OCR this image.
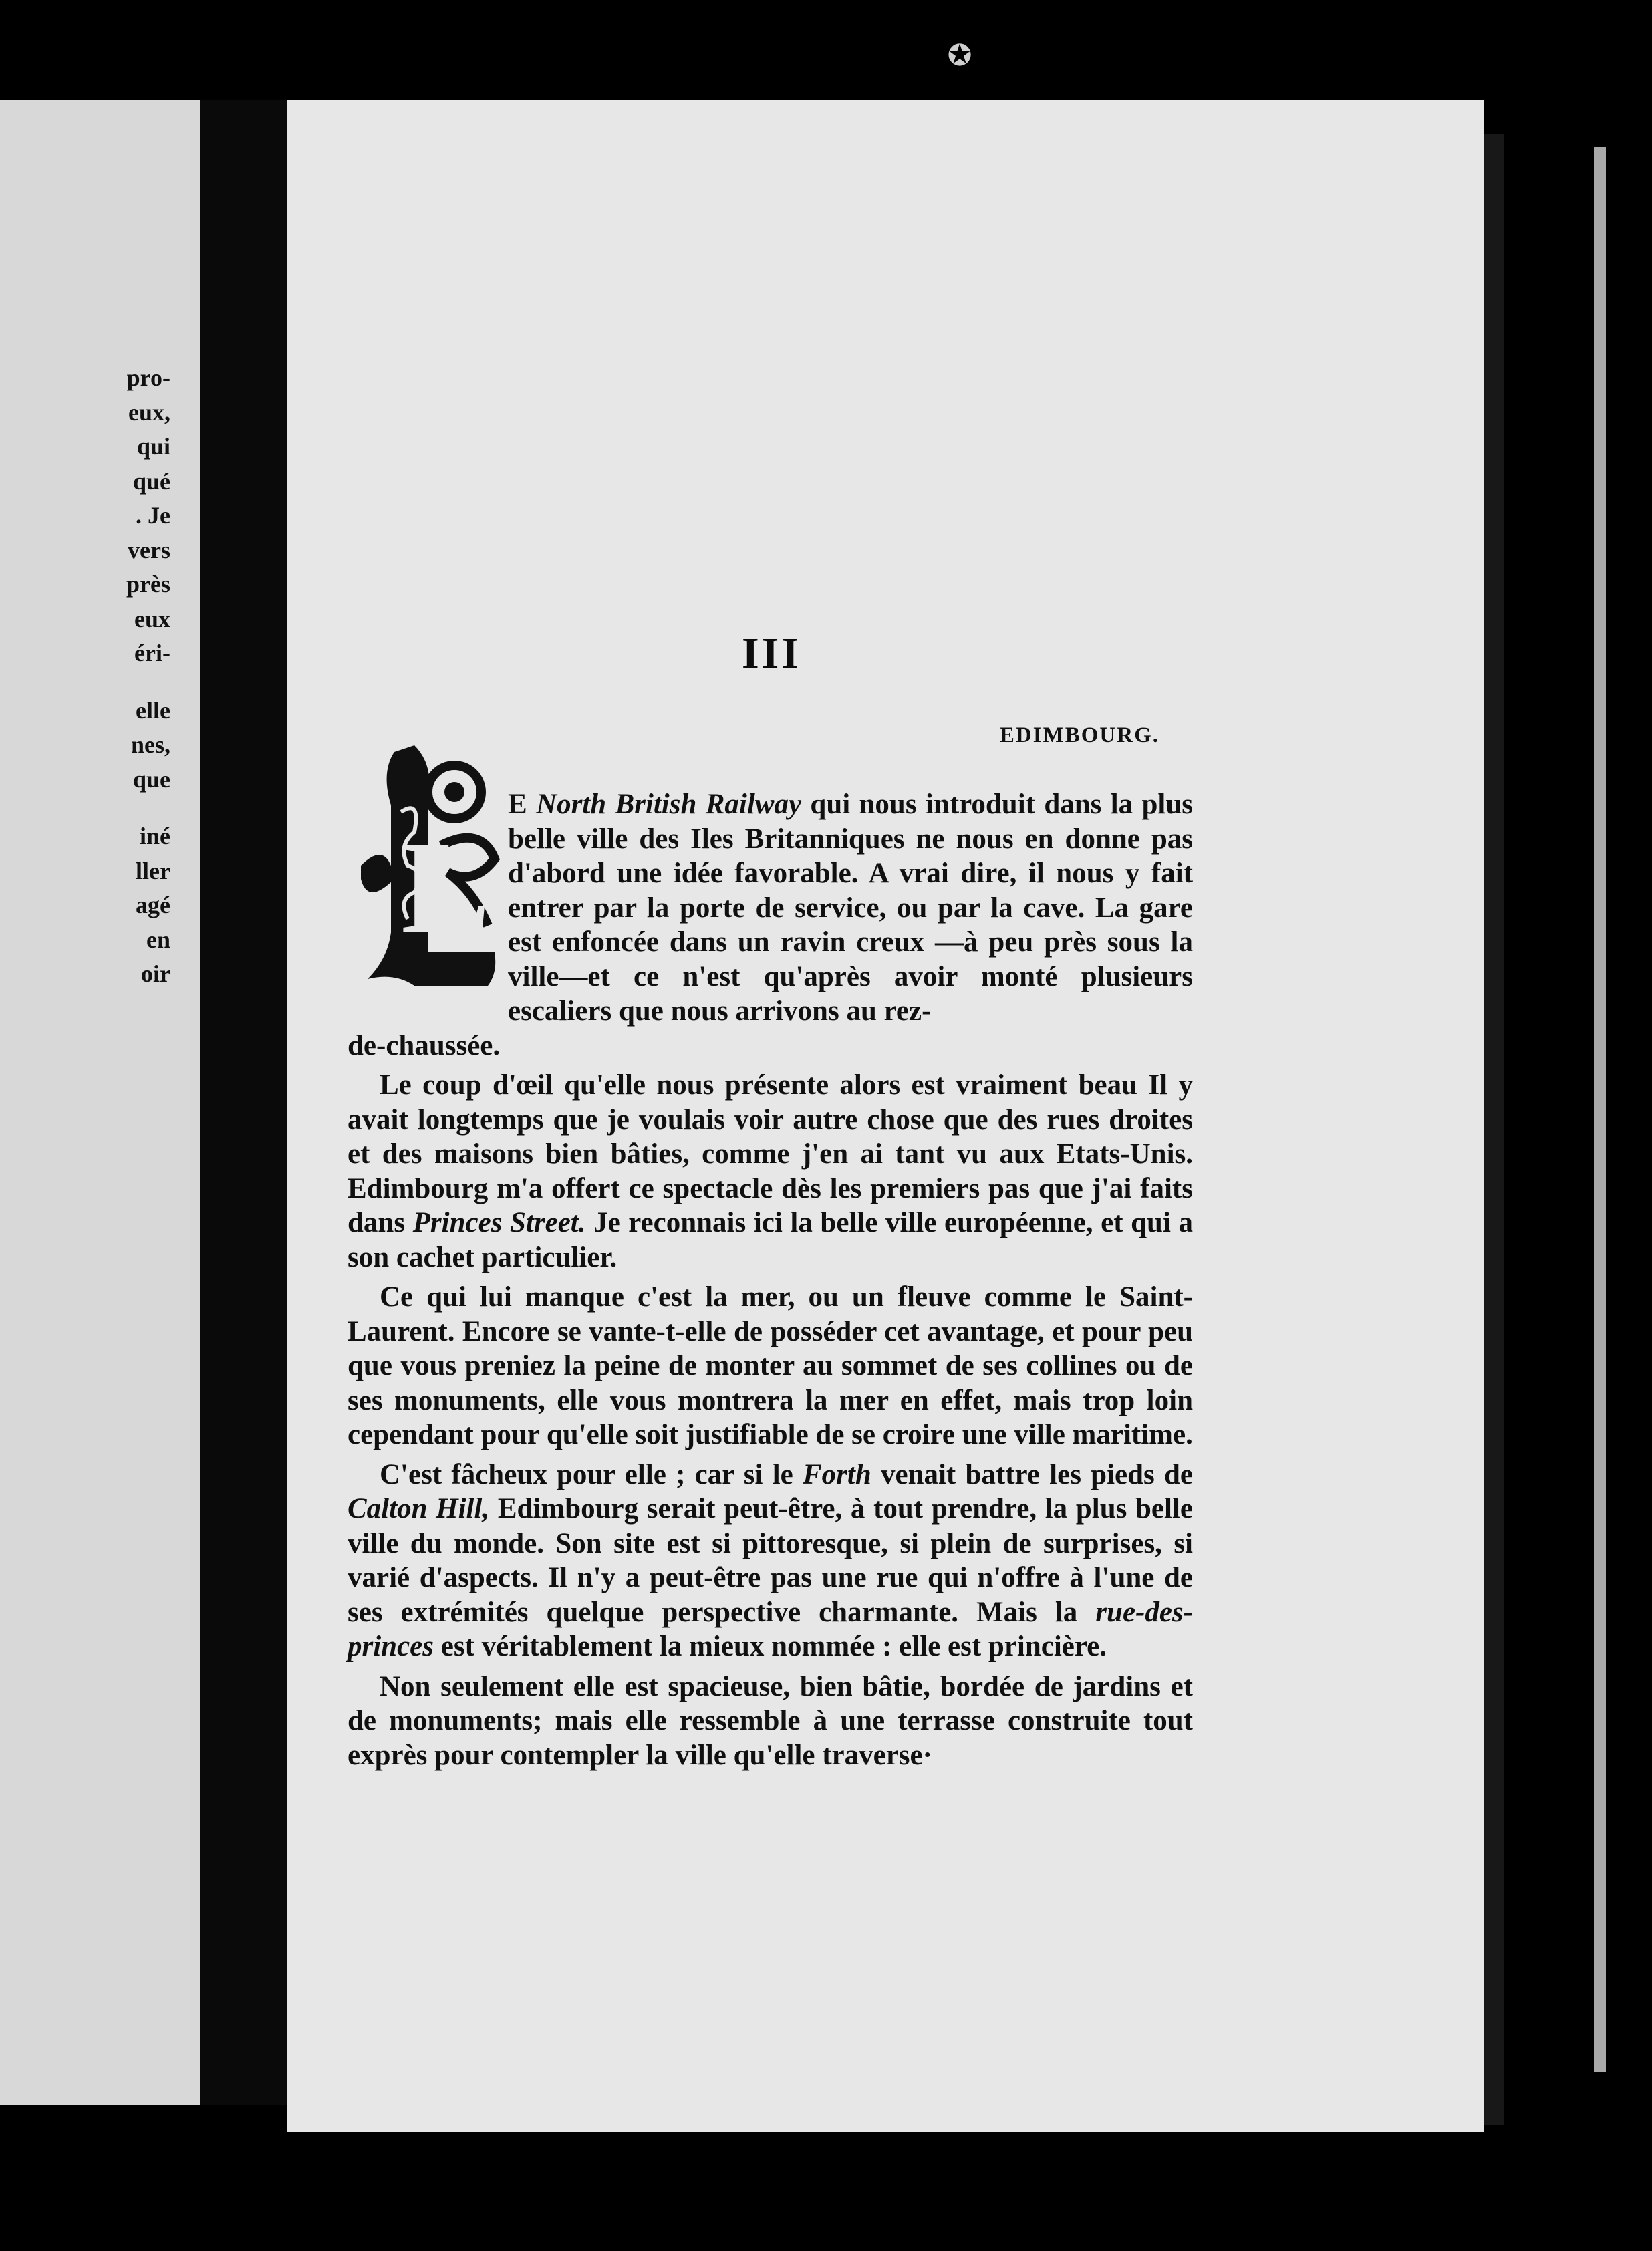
pro-
eux,
qui
qué
. Je
vers
près
eux
éri-
elle
nes,
que
iné
ller
agé
en
oir
✪
III
EDIMBOURG.
L

E North British Railway qui nous introduit dans la plus belle ville des Iles Britanniques ne nous en donne pas d'abord une idée favorable. A vrai dire, il nous y fait entrer par la porte de service, ou par la cave. La gare est enfoncée dans un ravin creux —à peu près sous la ville—et ce n'est qu'après avoir monté plusieurs escaliers que nous arrivons au rez-
de-chaussée.

Le coup d'œil qu'elle nous présente alors est vraiment beau Il y avait longtemps que je voulais voir autre chose que des rues droites et des maisons bien bâties, comme j'en ai tant vu aux Etats-Unis. Edimbourg m'a offert ce spectacle dès les premiers pas que j'ai faits dans Princes Street. Je reconnais ici la belle ville européenne, et qui a son cachet particulier.

Ce qui lui manque c'est la mer, ou un fleuve comme le Saint-Laurent. Encore se vante-t-elle de posséder cet avantage, et pour peu que vous preniez la peine de monter au sommet de ses collines ou de ses monuments, elle vous montrera la mer en effet, mais trop loin cependant pour qu'elle soit justifiable de se croire une ville maritime.

C'est fâcheux pour elle ; car si le Forth venait battre les pieds de Calton Hill, Edimbourg serait peut-être, à tout prendre, la plus belle ville du monde. Son site est si pittoresque, si plein de surprises, si varié d'aspects. Il n'y a peut-être pas une rue qui n'offre à l'une de ses extrémités quelque perspective charmante. Mais la rue-des-princes est véritablement la mieux nommée : elle est princière.

Non seulement elle est spacieuse, bien bâtie, bordée de jardins et de monuments; mais elle ressemble à une terrasse construite tout exprès pour contempler la ville qu'elle traverse·
